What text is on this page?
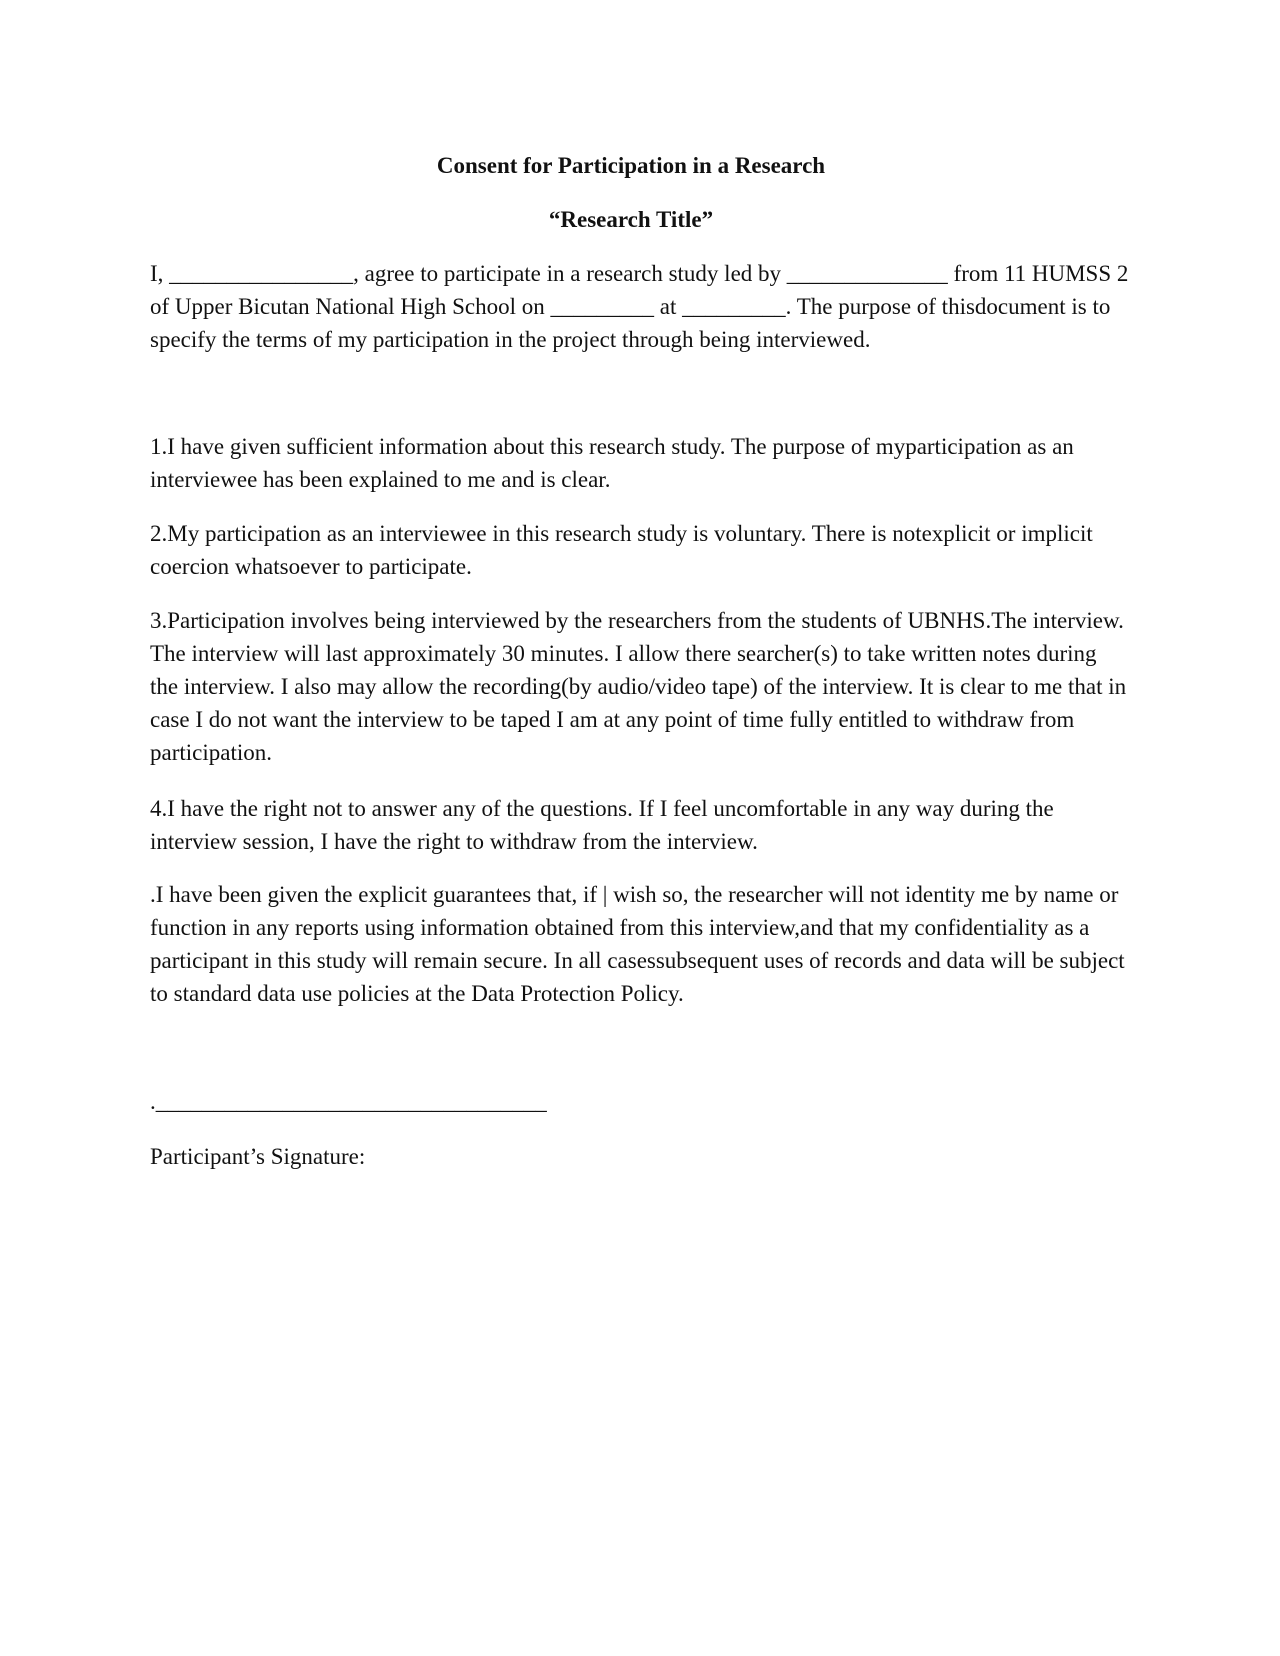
Consent for Participation in a Research
“Research Title”

I, ________________, agree to participate in a research study led by ______________ from 11 HUMSS 2 of Upper Bicutan National High School on _________ at _________. The purpose of thisdocument is to specify the terms of my participation in the project through being interviewed.

1.I have given sufficient information about this research study. The purpose of myparticipation as an interviewee has been explained to me and is clear.

2.My participation as an interviewee in this research study is voluntary. There is notexplicit or implicit coercion whatsoever to participate.

3.Participation involves being interviewed by the researchers from the students of UBNHS.The interview. The interview will last approximately 30 minutes. I allow there searcher(s) to take written notes during the interview. I also may allow the recording(by audio/video tape) of the interview. It is clear to me that in case I do not want the interview to be taped I am at any point of time fully entitled to withdraw from participation.

4.I have the right not to answer any of the questions. If I feel uncomfortable in any way during the interview session, I have the right to withdraw from the interview.

.I have been given the explicit guarantees that, if | wish so, the researcher will not identity me by name or function in any reports using information obtained from this interview,and that my confidentiality as a participant in this study will remain secure. In all casessubsequent uses of records and data will be subject to standard data use policies at the Data Protection Policy.

.__________________________________

Participant’s Signature:
